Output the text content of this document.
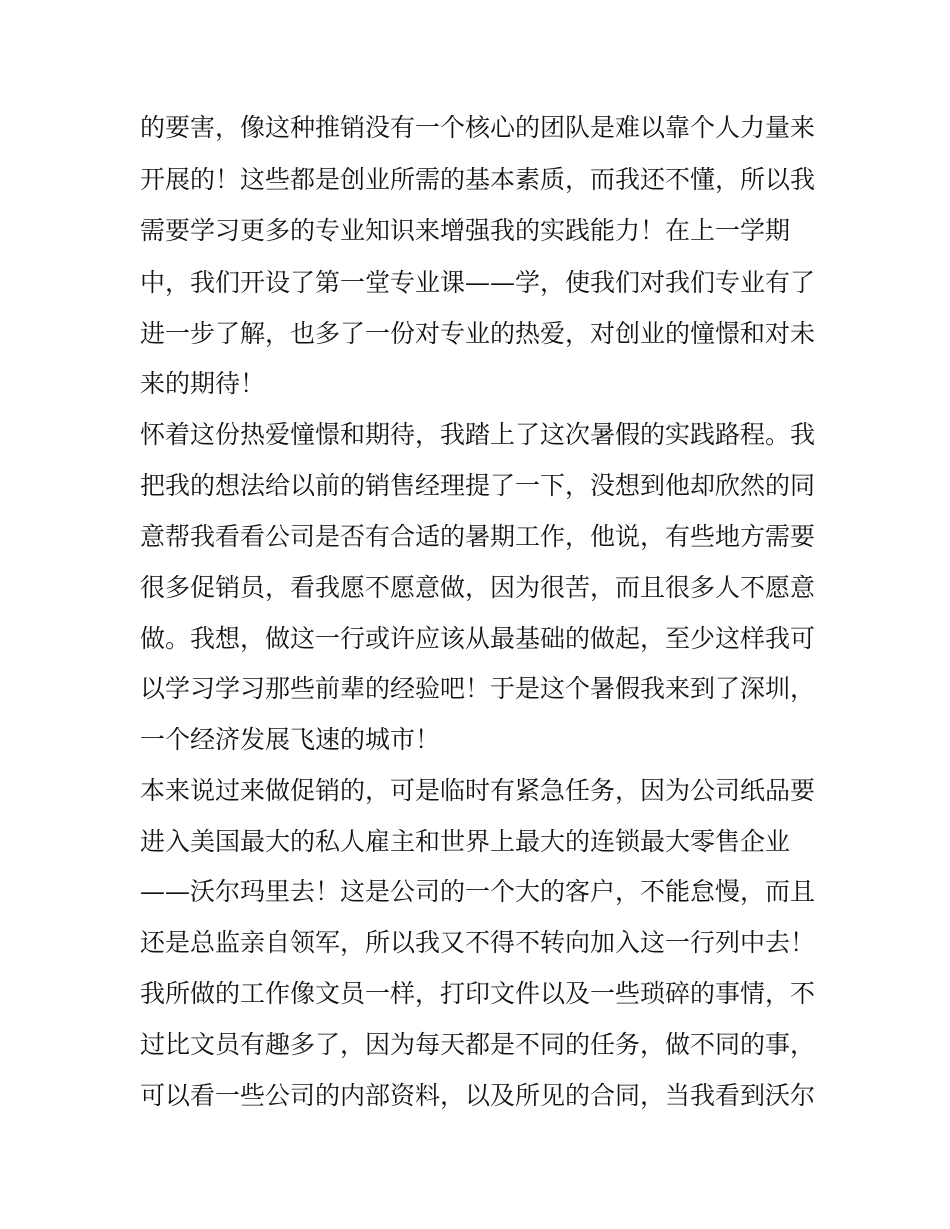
的要害，像这种推销没有一个核心的团队是难以靠个人力量来

开展的！这些都是创业所需的基本素质，而我还不懂，所以我

需要学习更多的专业知识来增强我的实践能力！在上一学期

中，我们开设了第一堂专业课——学，使我们对我们专业有了

进一步了解，也多了一份对专业的热爱，对创业的憧憬和对未

来的期待！

怀着这份热爱憧憬和期待，我踏上了这次暑假的实践路程。我

把我的想法给以前的销售经理提了一下，没想到他却欣然的同

意帮我看看公司是否有合适的暑期工作，他说，有些地方需要

很多促销员，看我愿不愿意做，因为很苦，而且很多人不愿意

做。我想，做这一行或许应该从最基础的做起，至少这样我可

以学习学习那些前辈的经验吧！于是这个暑假我来到了深圳，

一个经济发展飞速的城市！

本来说过来做促销的，可是临时有紧急任务，因为公司纸品要

进入美国最大的私人雇主和世界上最大的连锁最大零售企业

——沃尔玛里去！这是公司的一个大的客户，不能怠慢，而且

还是总监亲自领军，所以我又不得不转向加入这一行列中去！

我所做的工作像文员一样，打印文件以及一些琐碎的事情，不

过比文员有趣多了，因为每天都是不同的任务，做不同的事，

可以看一些公司的内部资料，以及所见的合同，当我看到沃尔
